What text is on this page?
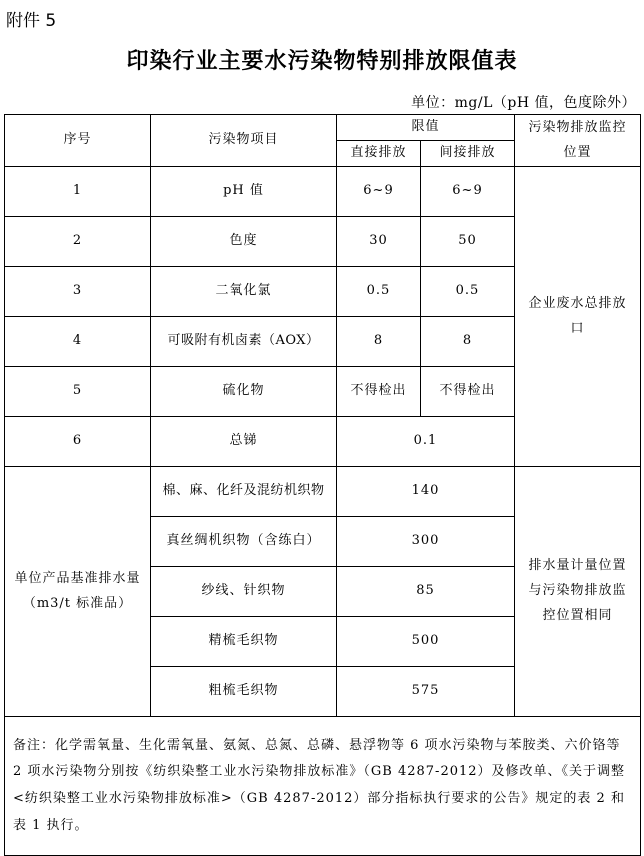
附件 5
印染行业主要水污染物特别排放限值表
单位：mg/L（pH 值，色度除外）
序号	污染物项目	限值		污染物排放监控位置
		直接排放	间接排放	
1	pH 值	6~9	6~9	企业废水总排放口
2	色度	30	50	
3	二氧化氯	0.5	0.5	
4	可吸附有机卤素（AOX）	8	8	
5	硫化物	不得检出	不得检出	
6	总锑	0.1		
单位产品基准排水量（m3/t 标准品）	棉、麻、化纤及混纺机织物	140		排水量计量位置与污染物排放监控位置相同
	真丝绸机织物（含练白）	300		
	纱线、针织物	85		
	精梳毛织物	500		
	粗梳毛织物	575		
备注：化学需氧量、生化需氧量、氨氮、总氮、总磷、悬浮物等 6 项水污染物与苯胺类、六价铬等 2 项水污染物分别按《纺织染整工业水污染物排放标准》（GB 4287-2012）及修改单、《关于调整<纺织染整工业水污染物排放标准>（GB 4287-2012）部分指标执行要求的公告》规定的表 2 和表 1 执行。				
